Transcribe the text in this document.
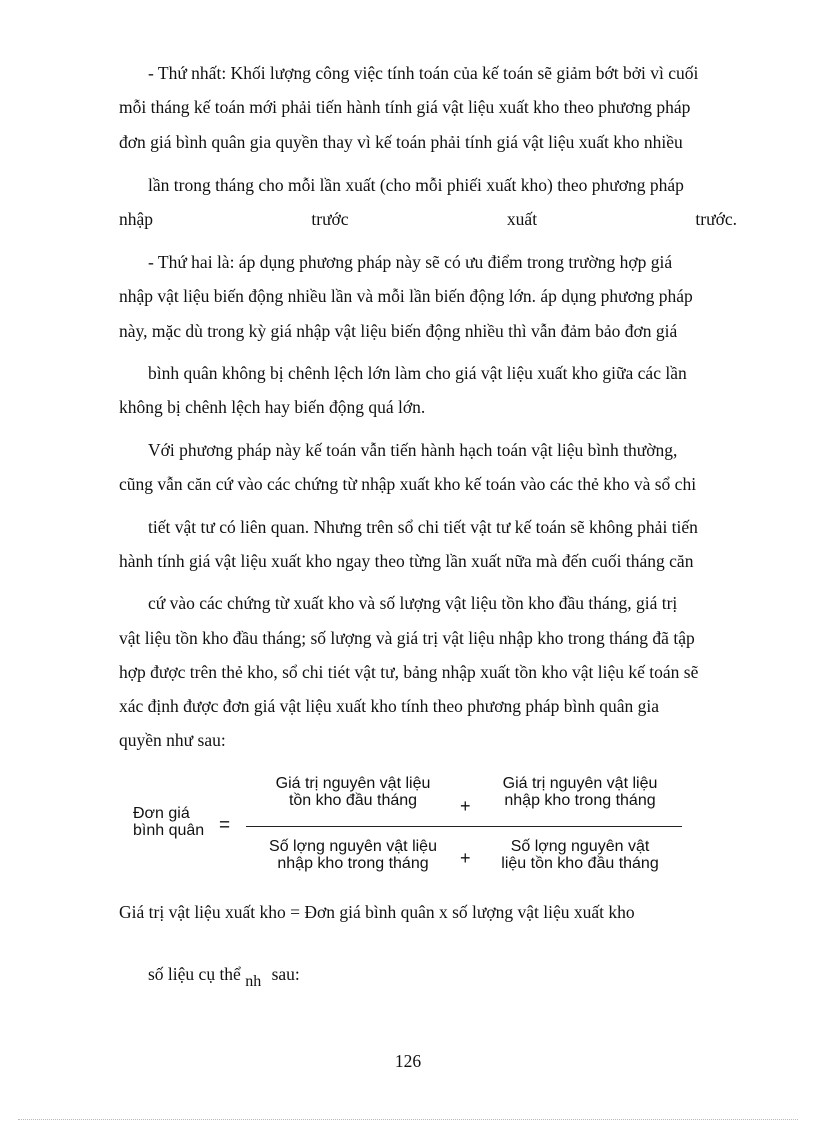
- Thứ nhất: Khối lượng công việc tính toán của kế toán sẽ giảm bớt bởi vì cuối
mỗi tháng kế toán mới phải tiến hành tính giá vật liệu xuất kho theo phương pháp
đơn giá bình quân gia quyền thay vì kế toán phải tính giá vật liệu xuất kho nhiều
lần trong tháng cho mỗi lần xuất (cho mỗi phiếi xuất kho) theo phương pháp
nhập	trước	xuất	trước.
- Thứ hai là: áp dụng phương pháp này sẽ có ưu điểm trong trường hợp giá
nhập vật liệu biến động nhiều lần và mỗi lần biến động lớn. áp dụng phương pháp
này, mặc dù trong kỳ giá nhập vật liệu biến động nhiều thì vẫn đảm bảo đơn giá
bình quân không bị chênh lệch lớn làm cho giá vật liệu xuất kho giữa các lần
không bị chênh lệch hay biến động quá lớn.
Với phương pháp này kế toán vẫn tiến hành hạch toán vật liệu bình thường,
cũng vẫn căn cứ vào các chứng từ nhập xuất kho kế toán vào các thẻ kho và sổ chi
tiết vật tư có liên quan. Nhưng trên sổ chi tiết vật tư kế toán sẽ không phải tiến
hành tính giá vật liệu xuất kho ngay theo từng lần xuất nữa mà đến cuối tháng căn
cứ vào các chứng từ xuất kho và số lượng vật liệu tồn kho đầu tháng, giá trị
vật liệu tồn kho đầu tháng; số lượng và giá trị vật liệu nhập kho trong tháng đã tập
hợp được trên thẻ kho, sổ chi tiét vật tư, bảng nhập xuất tồn kho vật liệu kế toán sẽ
xác định được đơn giá vật liệu xuất kho tính theo phương pháp bình quân gia
quyền như sau:
Đơn giá
bình quân =
Giá trị nguyên vật liệu
tồn kho đầu tháng	+
Giá trị nguyên vật liệu
nhập kho trong tháng
Số lợng nguyên vật liệu
nhập kho trong tháng	+
Số lợng nguyên vật
liệu tồn kho đầu tháng
Giá trị vật liệu xuất kho = Đơn giá bình quân x số lượng vật liệu xuất kho
số liệu cụ thể $_{nh}$ sau:
126
